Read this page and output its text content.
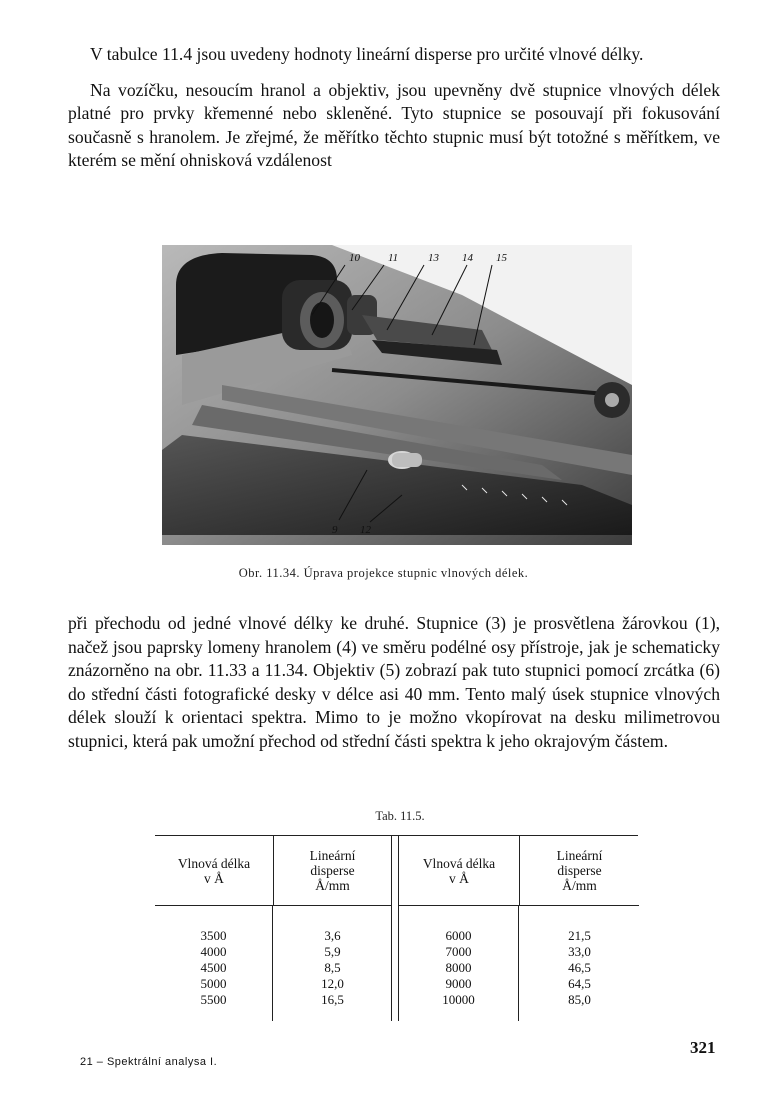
V tabulce 11.4 jsou uvedeny hodnoty lineární disperse pro určité vlnové délky.

Na vozíčku, nesoucím hranol a objektiv, jsou upevněny dvě stupnice vlnových délek platné pro prvky křemenné nebo skleněné. Tyto stupnice se posouvají při fokusování současně s hranolem. Je zřejmé, že měřítko těchto stupnic musí být totožné s měřítkem, ve kterém se mění ohnisková vzdálenost

10	11	13 14 15
9 12
Obr. 11.34. Úprava projekce stupnic vlnových délek.

při přechodu od jedné vlnové délky ke druhé. Stupnice (3) je prosvětlena žárovkou (1), načež jsou paprsky lomeny hranolem (4) ve směru podélné osy přístroje, jak je schematicky znázorněno na obr. 11.33 a 11.34. Objektiv (5) zobrazí pak tuto stupnici pomocí zrcátka (6) do střední části fotografické desky v délce asi 40 mm. Tento malý úsek stupnice vlnových délek slouží k orientaci spektra. Mimo to je možno vkopírovat na desku milimetrovou stupnici, která pak umožní přechod od střední části spektra k jeho okrajovým částem.

Tab. 11.5.
Vlnová délka
v Å
Lineární
disperse
Å/mm
3500
4000
4500
5000
5500
3,6
5,9
8,5
12,0
16,5
Vlnová délka
v Å
Lineární
disperse
Å/mm
6000
7000
8000
9000
10000
21,5
33,0
46,5
64,5
85,0
21 – Spektrální analysa I.
321
